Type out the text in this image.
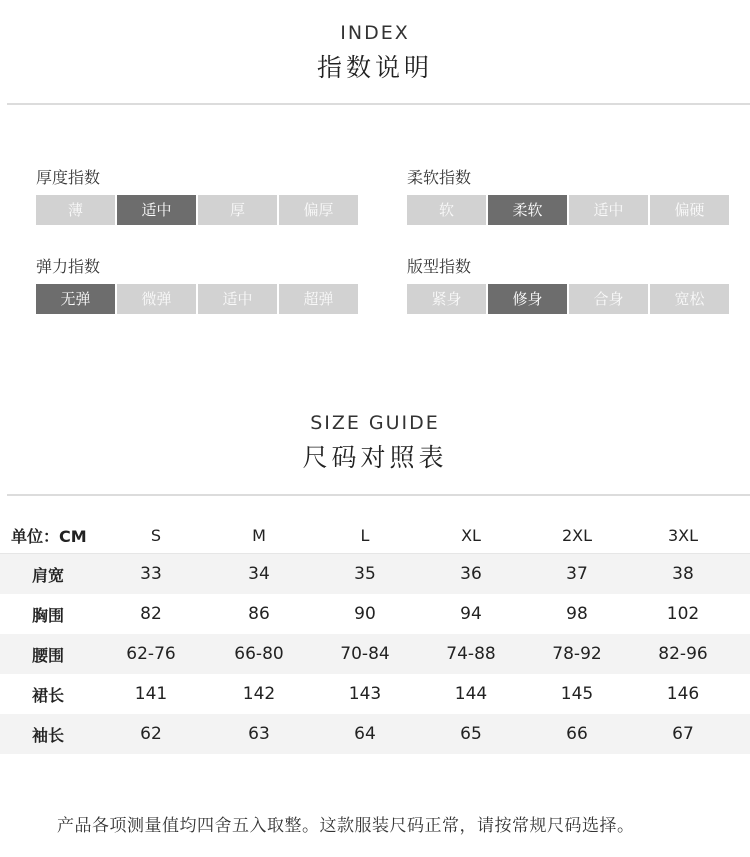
INDEX
指数说明
厚度指数
薄	适中	厚	偏厚
柔软指数
软	柔软	适中	偏硬
弹力指数
无弹	微弹	适中	超弹
版型指数
紧身	修身	合身	宽松
SIZE GUIDE
尺码对照表
单位：CM	S	M	L	XL	2XL	3XL
肩宽	33	34	35	36	37	38
胸围	82	86	90	94	98	102
腰围	62-76	66-80	70-84	74-88	78-92	82-96
裙长	141	142	143	144	145	146
袖长	62	63	64	65	66	67
产品各项测量值均四舍五入取整。这款服装尺码正常，请按常规尺码选择。
